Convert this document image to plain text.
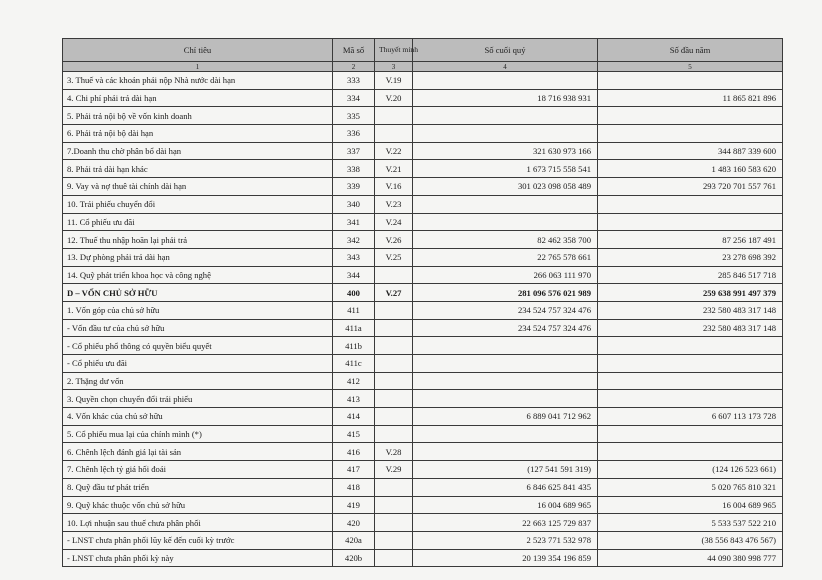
Chỉ tiêu	Mã số	Thuyết minh	Số cuối quý	Số đầu năm
1	2	3	4	5
3. Thuế và các khoản phải nộp Nhà nước dài hạn	333	V.19		
4. Chi phí phải trả dài hạn	334	V.20	18 716 938 931	11 865 821 896
5. Phải trả nội bộ về vốn kinh doanh	335			
6. Phải trả nội bộ dài hạn	336			
7.Doanh thu chờ phân bổ dài hạn	337	V.22	321 630 973 166	344 887 339 600
8. Phải trả dài hạn khác	338	V.21	1 673 715 558 541	1 483 160 583 620
9. Vay và nợ thuê tài chính dài hạn	339	V.16	301 023 098 058 489	293 720 701 557 761
10. Trái phiếu chuyển đổi	340	V.23		
11. Cổ phiếu ưu đãi	341	V.24		
12. Thuế thu nhập hoãn lại phải trả	342	V.26	82 462 358 700	87 256 187 491
13. Dự phòng phải trả dài hạn	343	V.25	22 765 578 661	23 278 698 392
14. Quỹ phát triển khoa học và công nghệ	344		266 063 111 970	285 846 517 718
D – VỐN CHỦ SỞ HỮU	400	V.27	281 096 576 021 989	259 638 991 497 379
1. Vốn góp của chủ sở hữu	411		234 524 757 324 476	232 580 483 317 148
- Vốn đầu tư của chủ sở hữu	411a		234 524 757 324 476	232 580 483 317 148
- Cổ phiếu phổ thông có quyền biểu quyết	411b			
- Cổ phiếu ưu đãi	411c			
2. Thặng dư vốn	412			
3. Quyền chọn chuyển đổi trái phiếu	413			
4. Vốn khác của chủ sở hữu	414		6 889 041 712 962	6 607 113 173 728
5. Cổ phiếu mua lại của chính mình (*)	415			
6. Chênh lệch đánh giá lại tài sản	416	V.28		
7. Chênh lệch tỷ giá hối đoái	417	V.29	(127 541 591 319)	(124 126 523 661)
8. Quỹ đầu tư phát triển	418		6 846 625 841 435	5 020 765 810 321
9. Quỹ khác thuộc vốn chủ sở hữu	419		16 004 689 965	16 004 689 965
10. Lợi nhuận sau thuế chưa phân phối	420		22 663 125 729 837	5 533 537 522 210
- LNST chưa phân phối lũy kế đến cuối kỳ trước	420a		2 523 771 532 978	(38 556 843 476 567)
- LNST chưa phân phối kỳ này	420b		20 139 354 196 859	44 090 380 998 777
